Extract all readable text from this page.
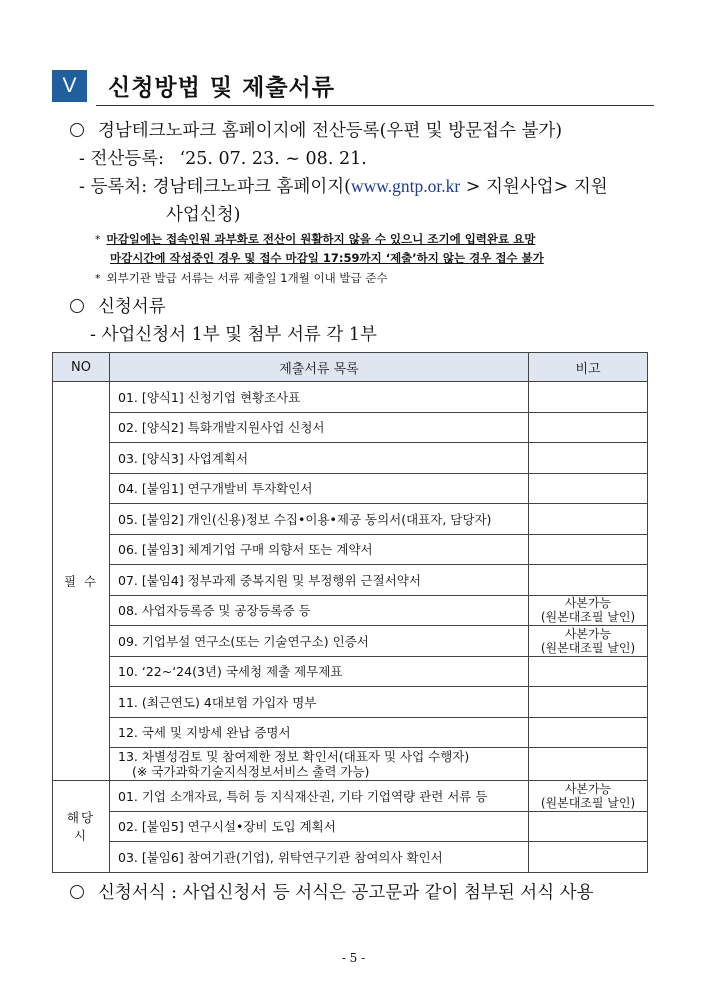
V	신청방법 및 제출서류
경남테크노파크 홈페이지에 전산등록(우편 및 방문접수 불가)
- 전산등록: ‘25. 07. 23. ~ 08. 21.
- 등록처: 경남테크노파크 홈페이지(www.gntp.or.kr > 지원사업> 지원
사업신청)
* 마감일에는 접속인원 과부화로 전산이 원활하지 않을 수 있으니 조기에 입력완료 요망
마감시간에 작성중인 경우 및 접수 마감일 17:59까지 ‘제출’하지 않는 경우 접수 불가
* 외부기관 발급 서류는 서류 제출일 1개월 이내 발급 준수
신청서류
- 사업신청서 1부 및 첨부 서류 각 1부
NO	제출서류 목록	비고
필 수	01. [양식1] 신청기업 현황조사표	

	02. [양식2] 특화개발지원사업 신청서	

	03. [양식3] 사업계획서	

	04. [붙임1] 연구개발비 투자확인서	

	05. [붙임2] 개인(신용)정보 수집•이용•제공 동의서(대표자, 담당자)	

	06. [붙임3] 체계기업 구매 의향서 또는 계약서	

	07. [붙임4] 정부과제 중복지원 및 부정행위 근절서약서	

	08. 사업자등록증 및 공장등록증 등	사본가능
(원본대조필 날인)

	09. 기업부설 연구소(또는 기술연구소) 인증서	사본가능
(원본대조필 날인)

	10. ‘22~‘24(3년) 국세청 제출 제무제표	

	11. (최근연도) 4대보험 가입자 명부	

	12. 국세 및 지방세 완납 증명서	

	13. 차별성검토 및 참여제한 정보 확인서(대표자 및 사업 수행자)
(※ 국가과학기술지식정보서비스 출력 가능)	

해당시	01. 기업 소개자료, 특허 등 지식재산권, 기타 기업역량 관련 서류 등	사본가능
(원본대조필 날인)

	02. [붙임5] 연구시설•장비 도입 계획서	

	03. [붙임6] 참여기관(기업), 위탁연구기관 참여의사 확인서	

신청서식 : 사업신청서 등 서식은 공고문과 같이 첨부된 서식 사용
- 5 -
